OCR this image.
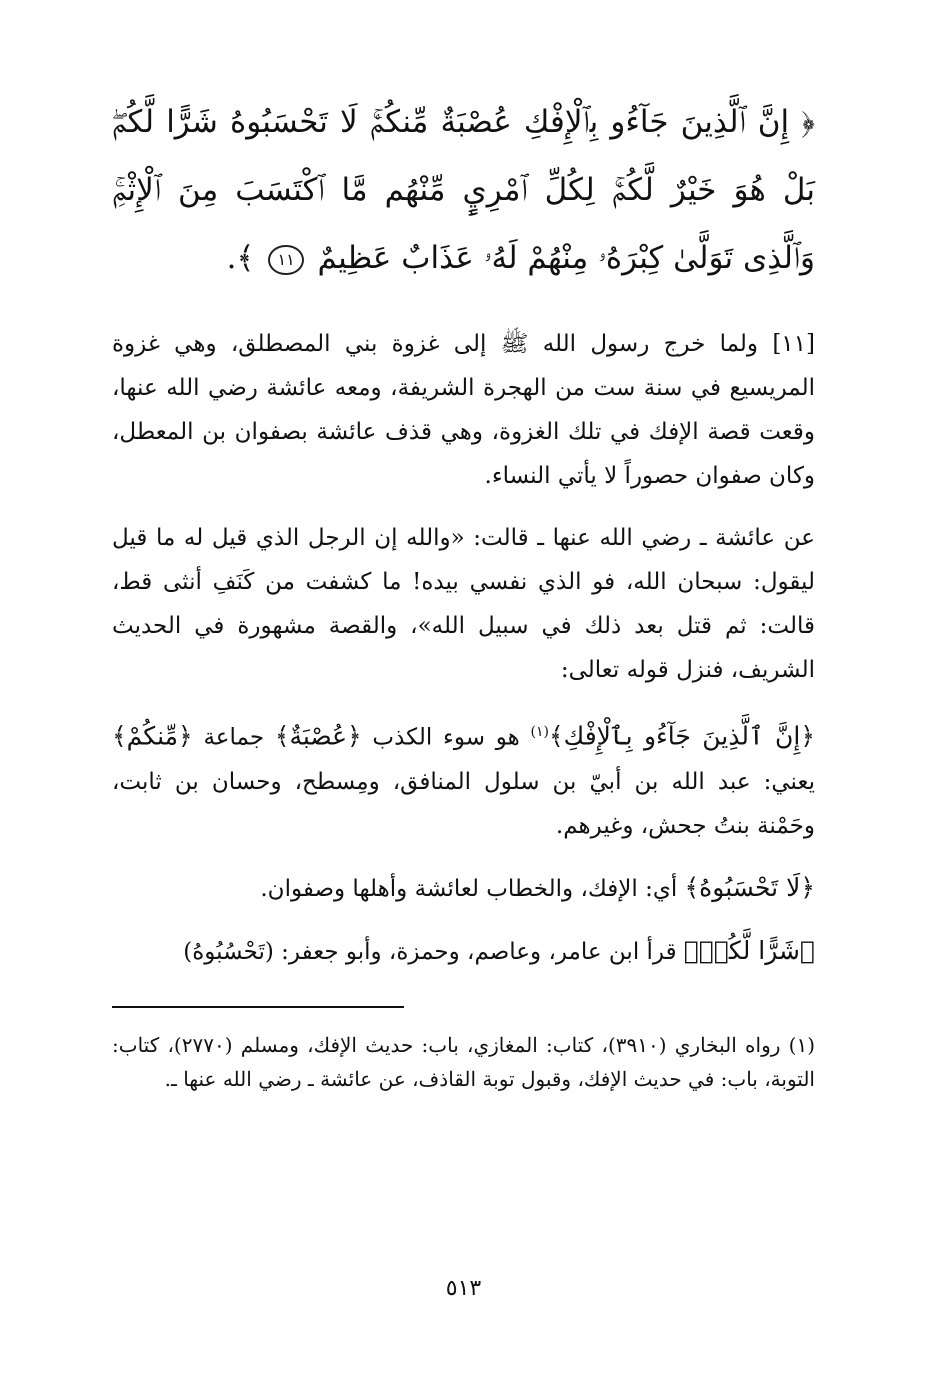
﴿ إِنَّ ٱلَّذِينَ جَآءُو بِٱلْإِفْكِ عُصْبَةٌ مِّنكُمْۚ لَا تَحْسَبُوهُ شَرًّا لَّكُمۖ بَلْ هُوَ خَيْرٌ لَّكُمْۚ لِكُلِّ ٱمْرِيٍٕ مِّنْهُم مَّا ٱكْتَسَبَ مِنَ ٱلْإِثْمِۚ وَٱلَّذِى تَوَلَّىٰ كِبْرَهُۥ مِنْهُمْ لَهُۥ عَذَابٌ عَظِيمٌ ١١ ﴾.

[١١] ولما خرج رسول الله ﷺ إلى غزوة بني المصطلق، وهي غزوة المريسيع في سنة ست من الهجرة الشريفة، ومعه عائشة رضي الله عنها، وقعت قصة الإفك في تلك الغزوة، وهي قذف عائشة بصفوان بن المعطل، وكان صفوان حصوراً لا يأتي النساء.

عن عائشة ـ رضي الله عنها ـ قالت: «والله إن الرجل الذي قيل له ما قيل ليقول: سبحان الله، فو الذي نفسي بيده! ما كشفت من كَنَفِ أنثى قط، قالت: ثم قتل بعد ذلك في سبيل الله»، والقصة مشهورة في الحديث الشريف، فنزل قوله تعالى:

﴿إِنَّ ٱلَّذِينَ جَآءُو بِٱلْإِفْكِ﴾$^{(١)}$ هو سوء الكذب ﴿عُصْبَةٌ﴾ جماعة ﴿مِّنكُمْ﴾ يعني: عبد الله بن أبيّ بن سلول المنافق، ومِسطح، وحسان بن ثابت، وحَمْنة بنتُ جحش، وغيرهم.

﴿لَا تَحْسَبُوهُ﴾ أي: الإفك، والخطاب لعائشة وأهلها وصفوان.

﴿شَرًّا لَّكُمۖ﴾ قرأ ابن عامر، وعاصم، وحمزة، وأبو جعفر: (تَحْسُبُوهُ)

(١) رواه البخاري (٣٩١٠)، كتاب: المغازي، باب: حديث الإفك، ومسلم (٢٧٧٠)، كتاب: التوبة، باب: في حديث الإفك، وقبول توبة القاذف، عن عائشة ـ رضي الله عنها ـ.

٥١٣
